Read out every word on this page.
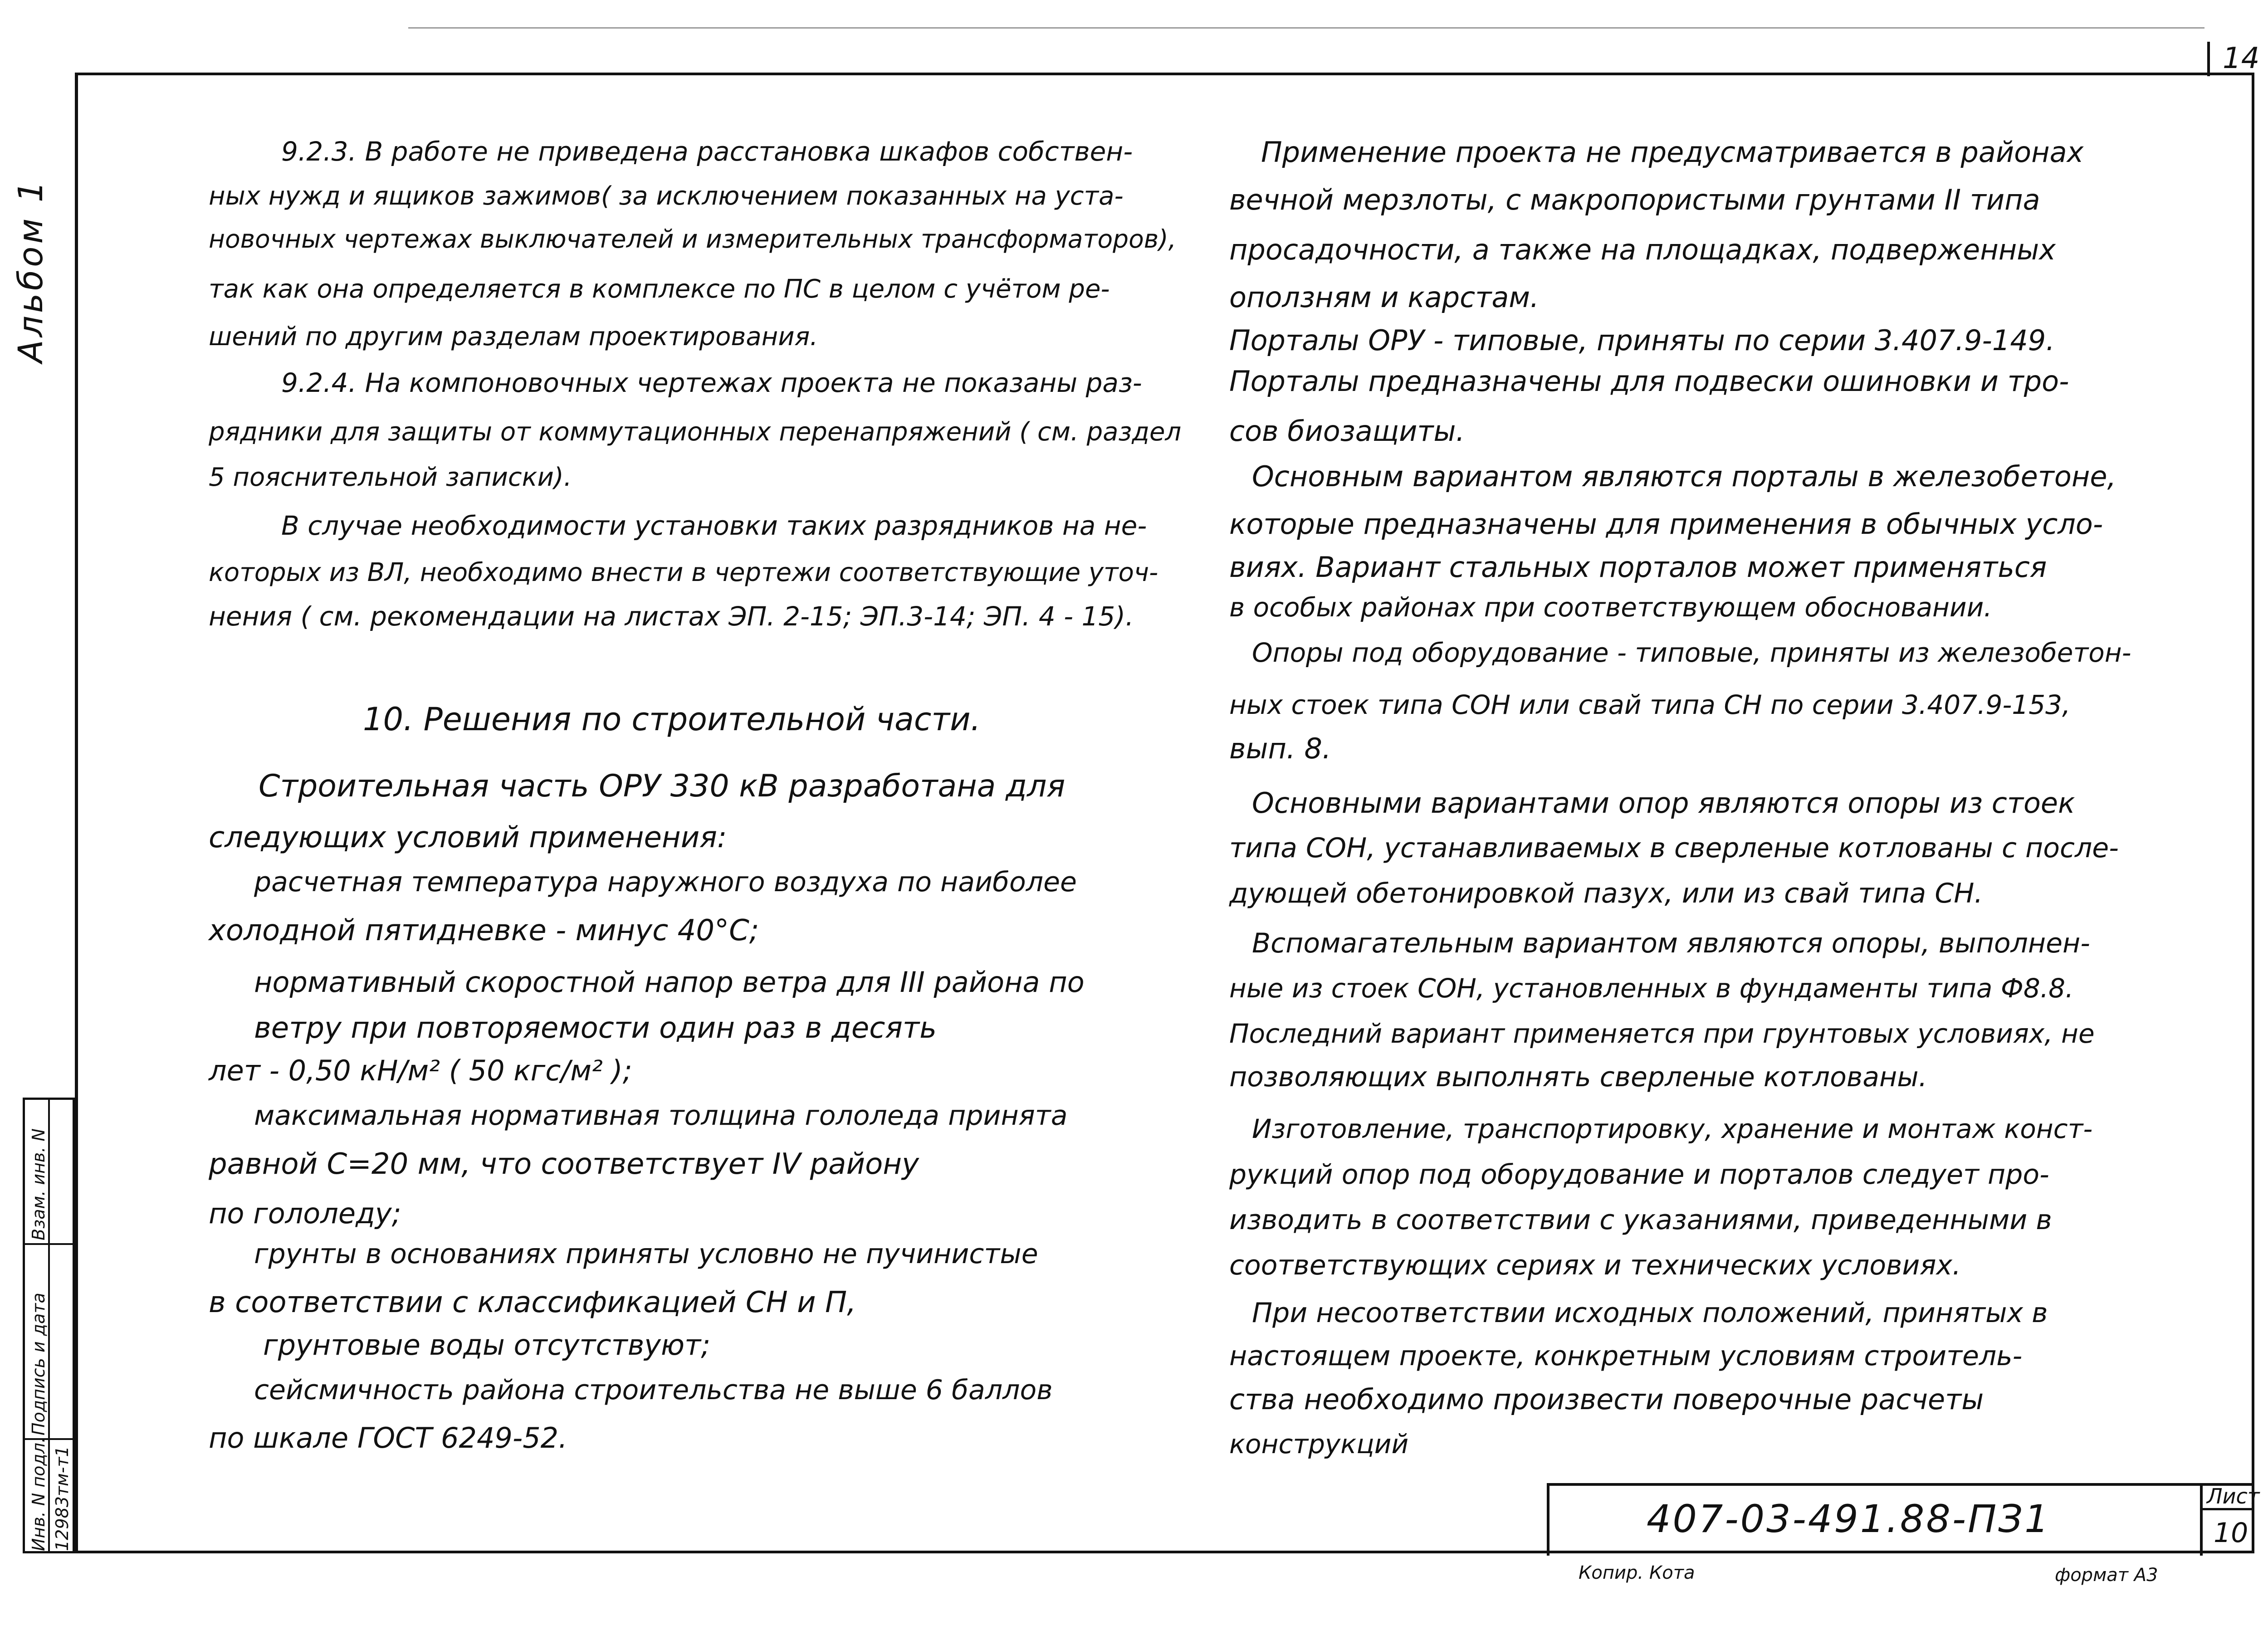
14
Альбом 1
Взам. инв. N
Подпись и дата
Инв. N подл. 12983тм-т1
9.2.3. В работе не приведена расстановка шкафов собствен-
ных нужд и ящиков зажимов( за исключением показанных на уста-
новочных чертежах выключателей и измерительных трансформаторов),
так как она определяется в комплексе по ПС в целом с учётом ре-
шений по другим разделам проектирования.
9.2.4. На компоновочных чертежах проекта не показаны раз-
рядники для защиты от коммутационных перенапряжений ( см. раздел
5 пояснительной записки).
В случае необходимости установки таких разрядников на не-
которых из ВЛ, необходимо внести в чертежи соответствующие уточ-
нения ( см. рекомендации на листах ЭП. 2-15; ЭП.3-14; ЭП. 4 - 15).
10. Решения по строительной части.
Строительная часть ОРУ 330 кВ разработана для
следующих условий применения:
расчетная температура наружного воздуха по наиболее
холодной пятидневке - минус 40°С;
нормативный скоростной напор ветра для III района по
ветру при повторяемости один раз в десять
лет - 0,50 кН/м² ( 50 кгс/м² );
максимальная нормативная толщина гололеда принята
равной С=20 мм, что соответствует IV району
по гололеду;
грунты в основаниях приняты условно не пучинистые
в соответствии с классификацией СН и П,
грунтовые воды отсутствуют;
сейсмичность района строительства не выше 6 баллов
по шкале ГОСТ 6249-52.
Применение проекта не предусматривается в районах
вечной мерзлоты, с макропористыми грунтами II типа
просадочности, а также на площадках, подверженных
оползням и карстам.
Порталы ОРУ - типовые, приняты по серии 3.407.9-149.
Порталы предназначены для подвески ошиновки и тро-
сов биозащиты.
Основным вариантом являются порталы в железобетоне,
которые предназначены для применения в обычных усло-
виях. Вариант стальных порталов может применяться
в особых районах при соответствующем обосновании.
Опоры под оборудование - типовые, приняты из железобетон-
ных стоек типа СОН или свай типа СН по серии 3.407.9-153,
вып. 8.
Основными вариантами опор являются опоры из стоек
типа СОН, устанавливаемых в сверленые котлованы с после-
дующей обетонировкой пазух, или из свай типа СН.
Вспомагательным вариантом являются опоры, выполнен-
ные из стоек СОН, установленных в фундаменты типа Ф8.8.
Последний вариант применяется при грунтовых условиях, не
позволяющих выполнять сверленые котлованы.
Изготовление, транспортировку, хранение и монтаж конст-
рукций опор под оборудование и порталов следует про-
изводить в соответствии с указаниями, приведенными в
соответствующих сериях и технических условиях.
При несоответствии исходных положений, принятых в
настоящем проекте, конкретным условиям строитель-
ства необходимо произвести поверочные расчеты
конструкций
407-03-491.88-ПЗ1
Лист
10
Копир. Кота	формат А3
